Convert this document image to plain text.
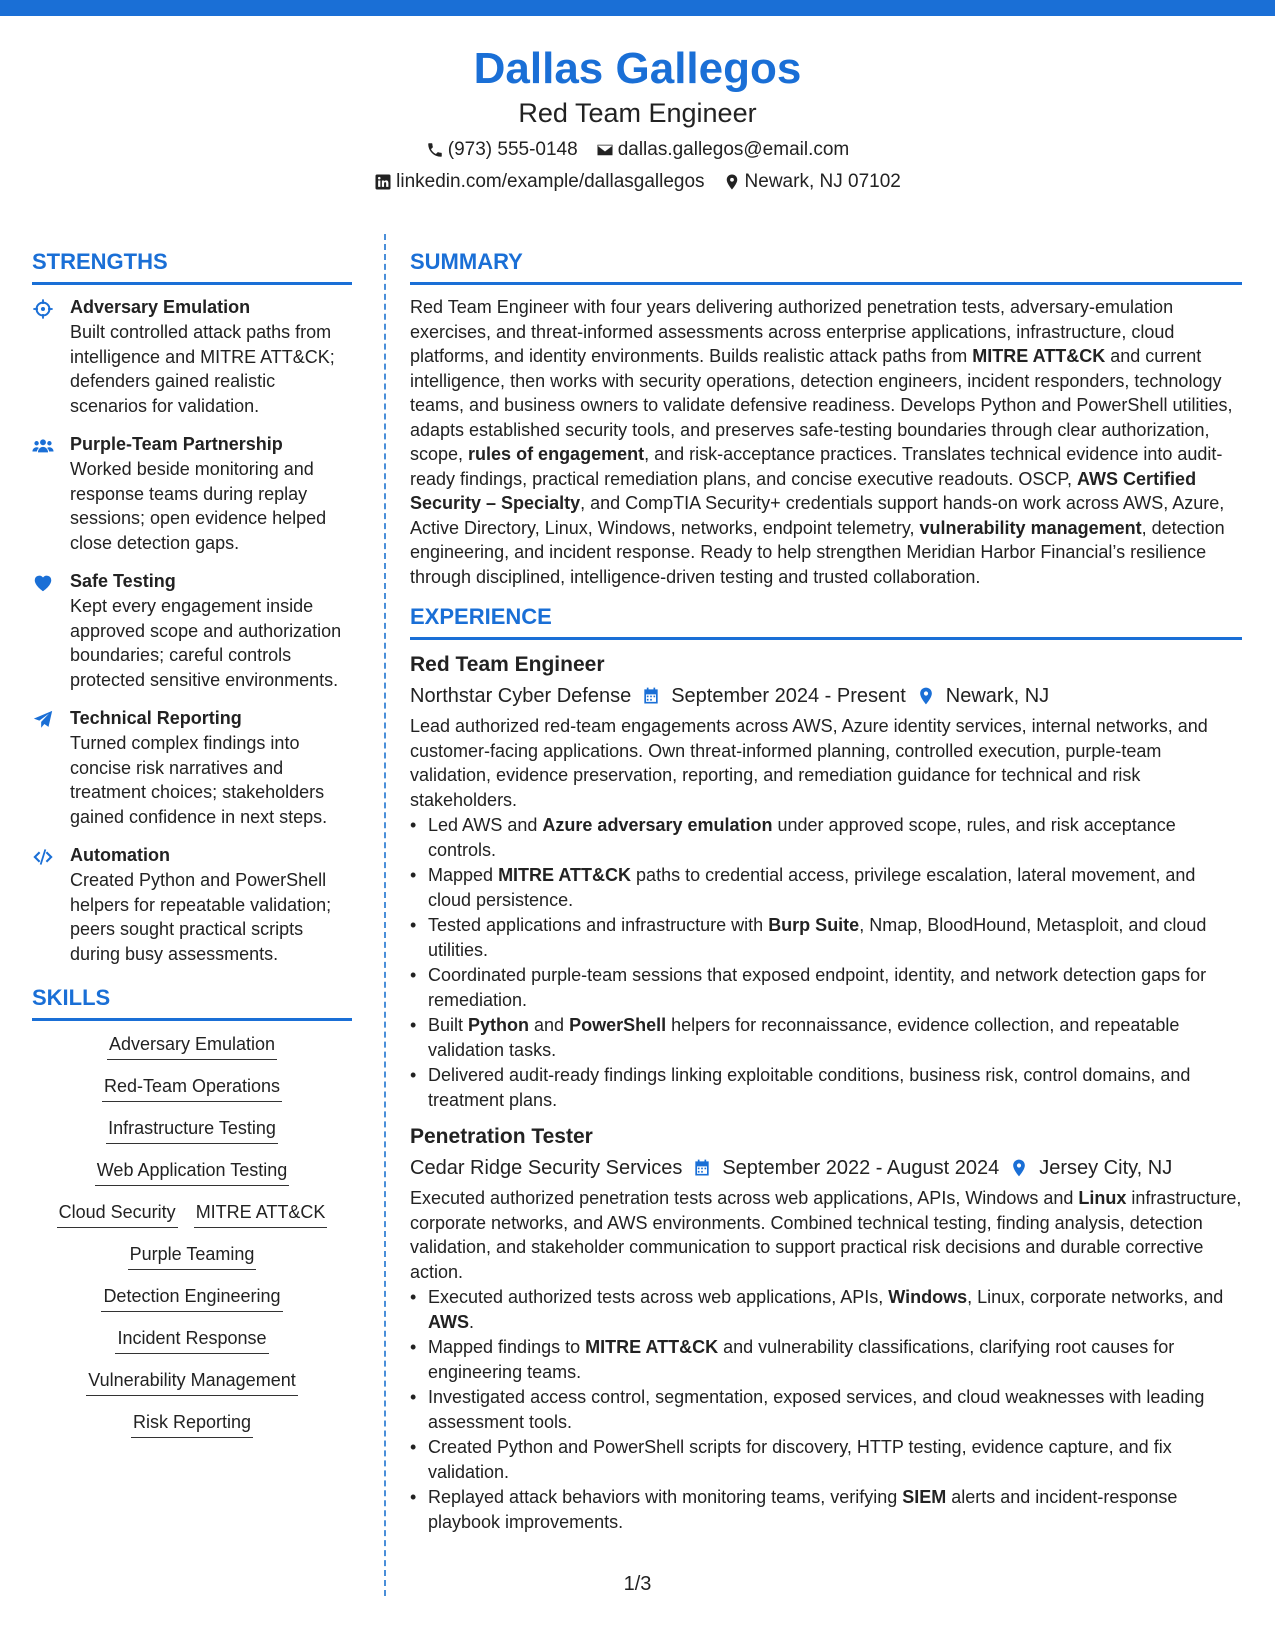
Dallas Gallegos
Red Team Engineer
(973) 555-0148 dallas.gallegos@email.com
linkedin.com/example/dallasgallegos Newark, NJ 07102
STRENGTHS
Adversary Emulation
Built controlled attack paths from intelligence and MITRE ATT&CK; defenders gained realistic scenarios for validation.
Purple-Team Partnership
Worked beside monitoring and response teams during replay sessions; open evidence helped close detection gaps.
Safe Testing
Kept every engagement inside approved scope and authorization boundaries; careful controls protected sensitive environments.
Technical Reporting
Turned complex findings into concise risk narratives and treatment choices; stakeholders gained confidence in next steps.
Automation
Created Python and PowerShell helpers for repeatable validation; peers sought practical scripts during busy assessments.
SKILLS
Adversary Emulation
Red-Team Operations
Infrastructure Testing
Web Application Testing
Cloud Security MITRE ATT&CK
Purple Teaming
Detection Engineering
Incident Response
Vulnerability Management
Risk Reporting
SUMMARY
Red Team Engineer with four years delivering authorized penetration tests, adversary-emulation exercises, and threat-informed assessments across enterprise applications, infrastructure, cloud platforms, and identity environments. Builds realistic attack paths from MITRE ATT&CK and current intelligence, then works with security operations, detection engineers, incident responders, technology teams, and business owners to validate defensive readiness. Develops Python and PowerShell utilities, adapts established security tools, and preserves safe-testing boundaries through clear authorization, scope, rules of engagement, and risk-acceptance practices. Translates technical evidence into audit-ready findings, practical remediation plans, and concise executive readouts. OSCP, AWS Certified Security – Specialty, and CompTIA Security+ credentials support hands-on work across AWS, Azure, Active Directory, Linux, Windows, networks, endpoint telemetry, vulnerability management, detection engineering, and incident response. Ready to help strengthen Meridian Harbor Financial’s resilience through disciplined, intelligence-driven testing and trusted collaboration.
EXPERIENCE
Red Team Engineer
Northstar Cyber Defense September 2024 - Present Newark, NJ
Lead authorized red-team engagements across AWS, Azure identity services, internal networks, and customer-facing applications. Own threat-informed planning, controlled execution, purple-team validation, evidence preservation, reporting, and remediation guidance for technical and risk stakeholders.
• Led AWS and Azure adversary emulation under approved scope, rules, and risk acceptance controls.
• Mapped MITRE ATT&CK paths to credential access, privilege escalation, lateral movement, and cloud persistence.
• Tested applications and infrastructure with Burp Suite, Nmap, BloodHound, Metasploit, and cloud utilities.
• Coordinated purple-team sessions that exposed endpoint, identity, and network detection gaps for remediation.
• Built Python and PowerShell helpers for reconnaissance, evidence collection, and repeatable validation tasks.
• Delivered audit-ready findings linking exploitable conditions, business risk, control domains, and treatment plans.
Penetration Tester
Cedar Ridge Security Services September 2022 - August 2024 Jersey City, NJ
Executed authorized penetration tests across web applications, APIs, Windows and Linux infrastructure, corporate networks, and AWS environments. Combined technical testing, finding analysis, detection validation, and stakeholder communication to support practical risk decisions and durable corrective action.
• Executed authorized tests across web applications, APIs, Windows, Linux, corporate networks, and AWS.
• Mapped findings to MITRE ATT&CK and vulnerability classifications, clarifying root causes for engineering teams.
• Investigated access control, segmentation, exposed services, and cloud weaknesses with leading assessment tools.
• Created Python and PowerShell scripts for discovery, HTTP testing, evidence capture, and fix validation.
• Replayed attack behaviors with monitoring teams, verifying SIEM alerts and incident-response playbook improvements.
1/3
